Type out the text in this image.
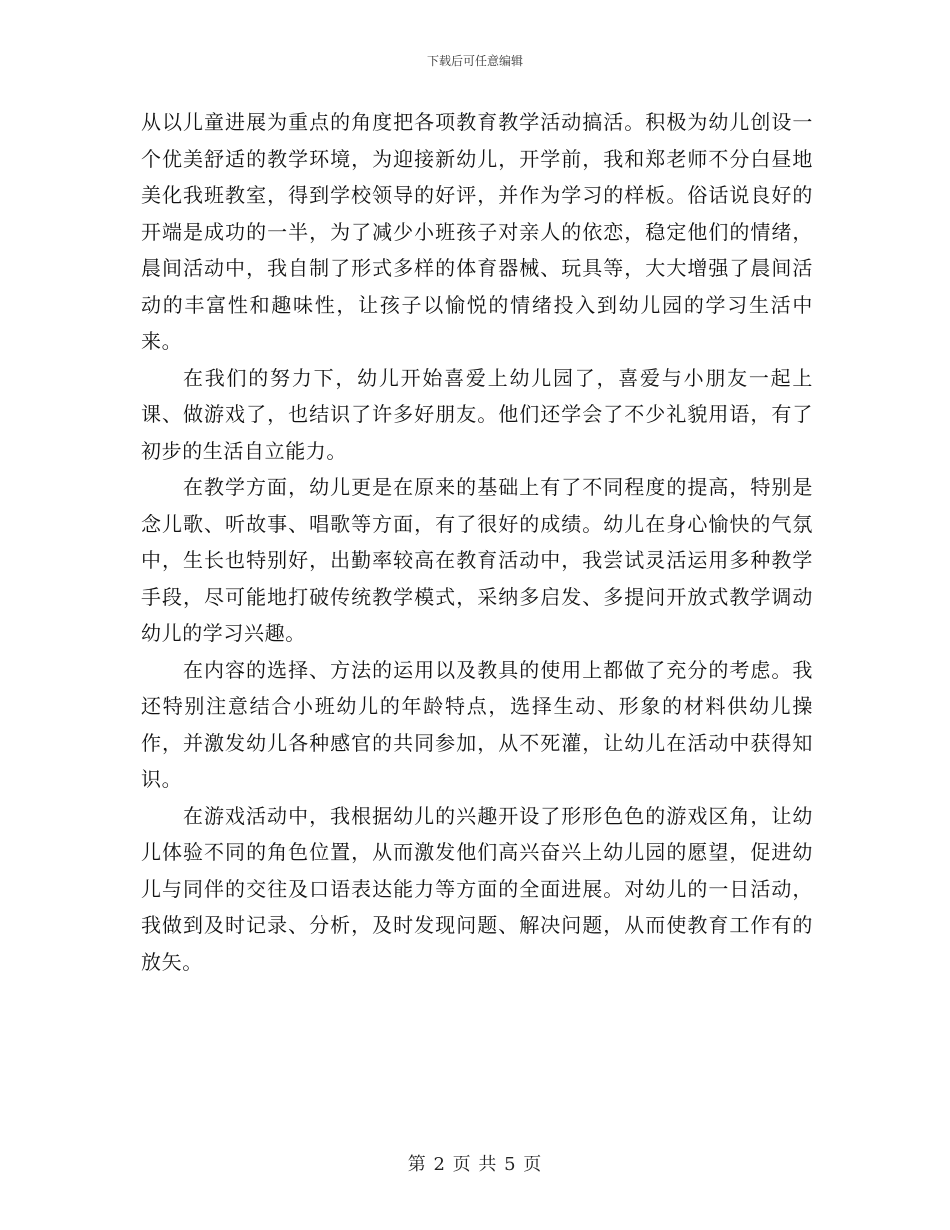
下载后可任意编辑

从以儿童进展为重点的角度把各项教育教学活动搞活。积极为幼儿创设一个优美舒适的教学环境，为迎接新幼儿，开学前，我和郑老师不分白昼地美化我班教室，得到学校领导的好评，并作为学习的样板。俗话说良好的开端是成功的一半，为了减少小班孩子对亲人的依恋，稳定他们的情绪，晨间活动中，我自制了形式多样的体育器械、玩具等，大大增强了晨间活动的丰富性和趣味性，让孩子以愉悦的情绪投入到幼儿园的学习生活中来。

在我们的努力下，幼儿开始喜爱上幼儿园了，喜爱与小朋友一起上课、做游戏了，也结识了许多好朋友。他们还学会了不少礼貌用语，有了初步的生活自立能力。

在教学方面，幼儿更是在原来的基础上有了不同程度的提高，特别是念儿歌、听故事、唱歌等方面，有了很好的成绩。幼儿在身心愉快的气氛中，生长也特别好，出勤率较高在教育活动中，我尝试灵活运用多种教学手段，尽可能地打破传统教学模式，采纳多启发、多提问开放式教学调动幼儿的学习兴趣。

在内容的选择、方法的运用以及教具的使用上都做了充分的考虑。我还特别注意结合小班幼儿的年龄特点，选择生动、形象的材料供幼儿操作，并激发幼儿各种感官的共同参加，从不死灌，让幼儿在活动中获得知识。

在游戏活动中，我根据幼儿的兴趣开设了形形色色的游戏区角，让幼儿体验不同的角色位置，从而激发他们高兴奋兴上幼儿园的愿望，促进幼儿与同伴的交往及口语表达能力等方面的全面进展。对幼儿的一日活动，我做到及时记录、分析，及时发现问题、解决问题，从而使教育工作有的放矢。

第 2 页 共 5 页
